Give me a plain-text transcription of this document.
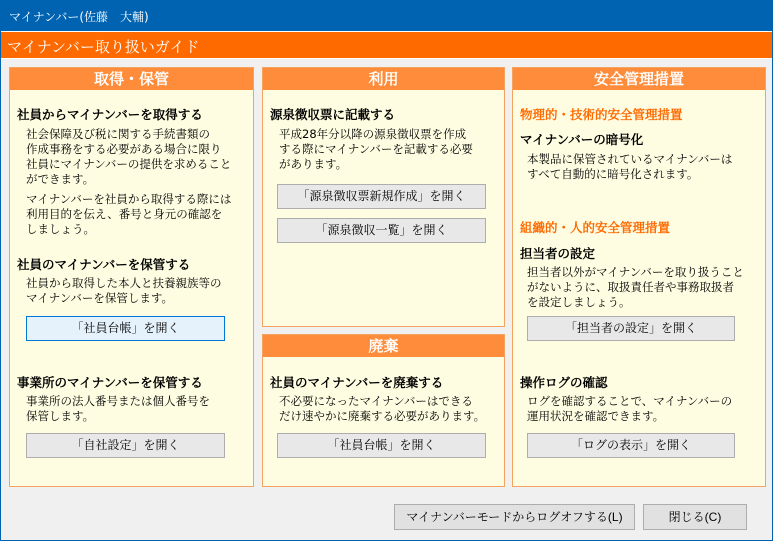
マイナンバー(佐藤　大輔)
マイナンバー取り扱いガイド
取得・保管
社員からマイナンバーを取得する
社会保障及び税に関する手続書類の
作成事務をする必要がある場合に限り
社員にマイナンバーの提供を求めること
ができます。
マイナンバーを社員から取得する際には
利用目的を伝え、番号と身元の確認を
しましょう。
社員のマイナンバーを保管する
社員から取得した本人と扶養親族等の
マイナンバーを保管します。
「社員台帳」を開く
事業所のマイナンバーを保管する
事業所の法人番号または個人番号を
保管します。
「自社設定」を開く
利用
源泉徴収票に記載する
平成28年分以降の源泉徴収票を作成
する際にマイナンバーを記載する必要
があります。
「源泉徴収票新規作成」を開く
「源泉徴収一覧」を開く
廃棄
社員のマイナンバーを廃棄する
不必要になったマイナンバーはできる
だけ速やかに廃棄する必要があります。
「社員台帳」を開く
安全管理措置
物理的・技術的安全管理措置
マイナンバーの暗号化
本製品に保管されているマイナンバーは
すべて自動的に暗号化されます。
組織的・人的安全管理措置
担当者の設定
担当者以外がマイナンバーを取り扱うこと
がないように、取扱責任者や事務取扱者
を設定しましょう。
「担当者の設定」を開く
操作ログの確認
ログを確認することで、マイナンバーの
運用状況を確認できます。
「ログの表示」を開く
マイナンバーモードからログオフする(L)	閉じる(C)
